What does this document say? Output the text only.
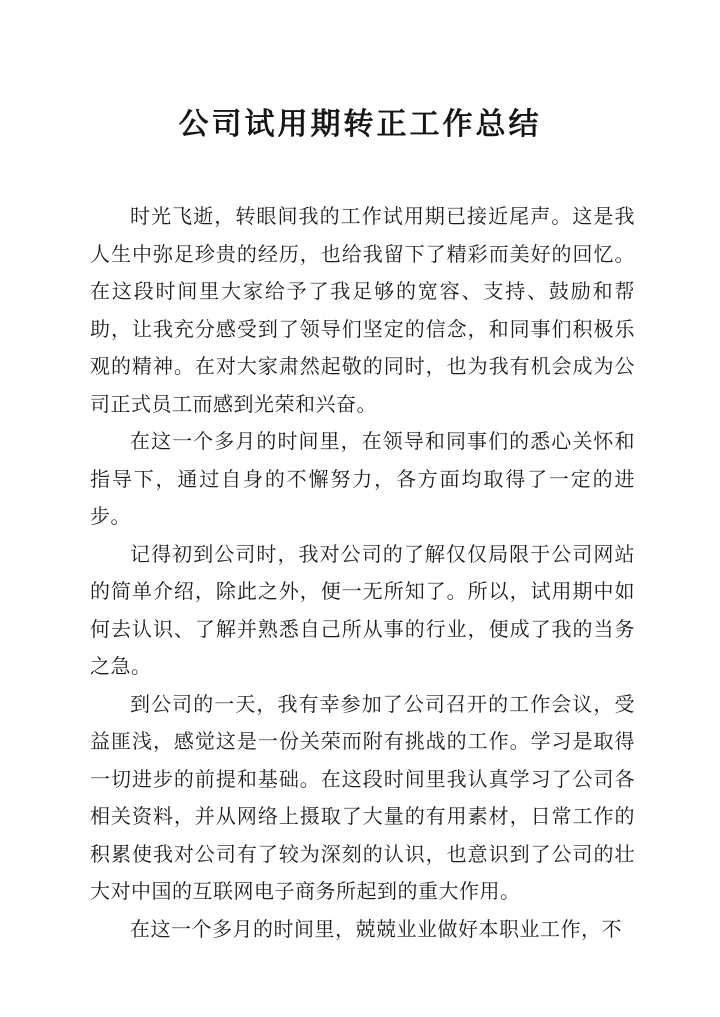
公司试用期转正工作总结

时光飞逝，转眼间我的工作试用期已接近尾声。这是我人生中弥足珍贵的经历，也给我留下了精彩而美好的回忆。在这段时间里大家给予了我足够的宽容、支持、鼓励和帮助，让我充分感受到了领导们坚定的信念，和同事们积极乐观的精神。在对大家肃然起敬的同时，也为我有机会成为公司正式员工而感到光荣和兴奋。

在这一个多月的时间里，在领导和同事们的悉心关怀和指导下，通过自身的不懈努力，各方面均取得了一定的进步。

记得初到公司时，我对公司的了解仅仅局限于公司网站的简单介绍，除此之外，便一无所知了。所以，试用期中如何去认识、了解并熟悉自己所从事的行业，便成了我的当务之急。

到公司的一天，我有幸参加了公司召开的工作会议，受益匪浅，感觉这是一份关荣而附有挑战的工作。学习是取得一切进步的前提和基础。在这段时间里我认真学习了公司各相关资料，并从网络上摄取了大量的有用素材，日常工作的积累使我对公司有了较为深刻的认识，也意识到了公司的壮大对中国的互联网电子商务所起到的重大作用。

在这一个多月的时间里，兢兢业业做好本职业工作，不
